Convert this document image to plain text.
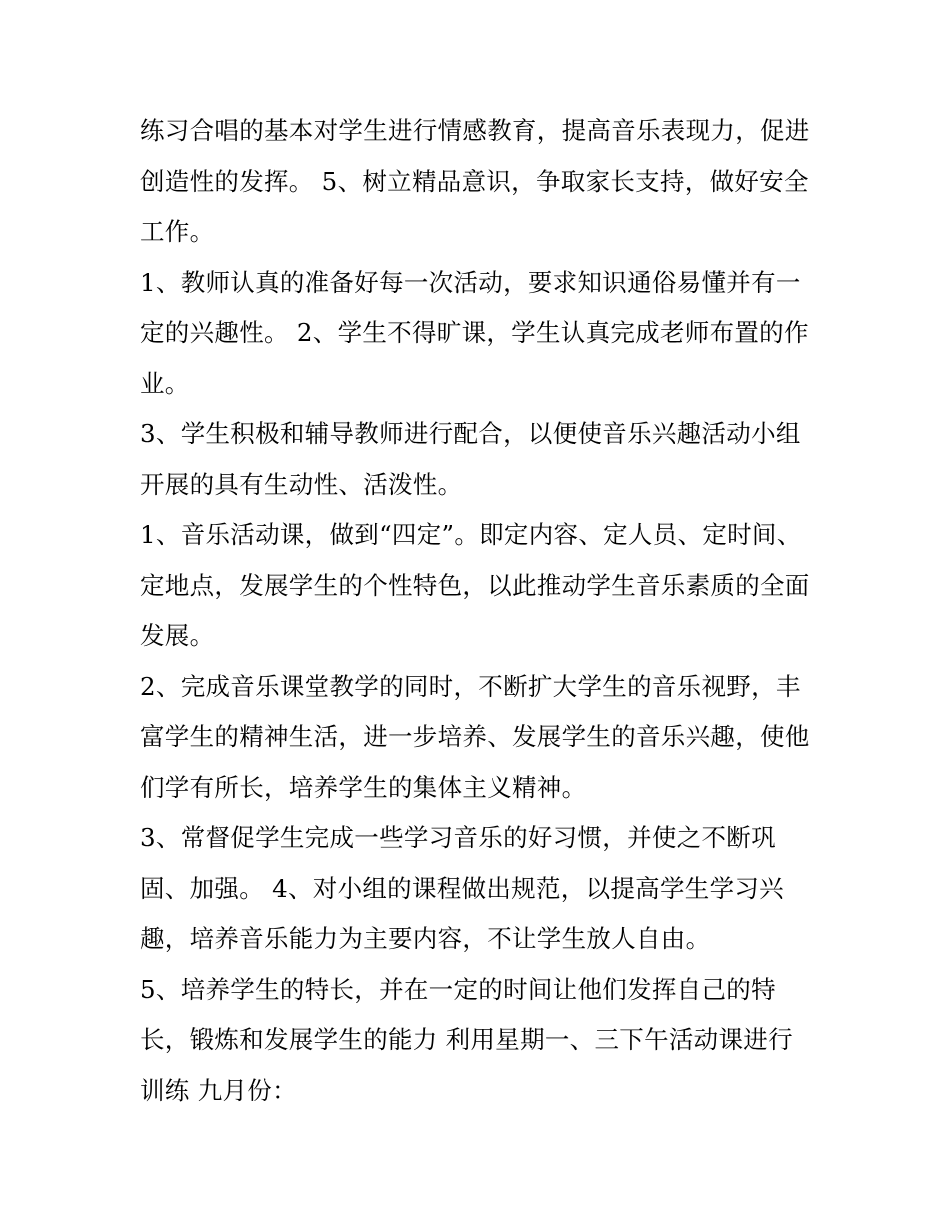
练习合唱的基本对学生进行情感教育，提高音乐表现力，促进
创造性的发挥。 5、树立精品意识，争取家长支持，做好安全
工作。
1、教师认真的准备好每一次活动，要求知识通俗易懂并有一
定的兴趣性。 2、学生不得旷课，学生认真完成老师布置的作
业。
3、学生积极和辅导教师进行配合，以便使音乐兴趣活动小组
开展的具有生动性、活泼性。
1、音乐活动课，做到“四定”。即定内容、定人员、定时间、
定地点，发展学生的个性特色，以此推动学生音乐素质的全面
发展。
2、完成音乐课堂教学的同时，不断扩大学生的音乐视野，丰
富学生的精神生活，进一步培养、发展学生的音乐兴趣，使他
们学有所长，培养学生的集体主义精神。
3、常督促学生完成一些学习音乐的好习惯，并使之不断巩
固、加强。 4、对小组的课程做出规范，以提高学生学习兴
趣，培养音乐能力为主要内容，不让学生放人自由。
5、培养学生的特长，并在一定的时间让他们发挥自己的特
长，锻炼和发展学生的能力 利用星期一、三下午活动课进行
训练 九月份：
